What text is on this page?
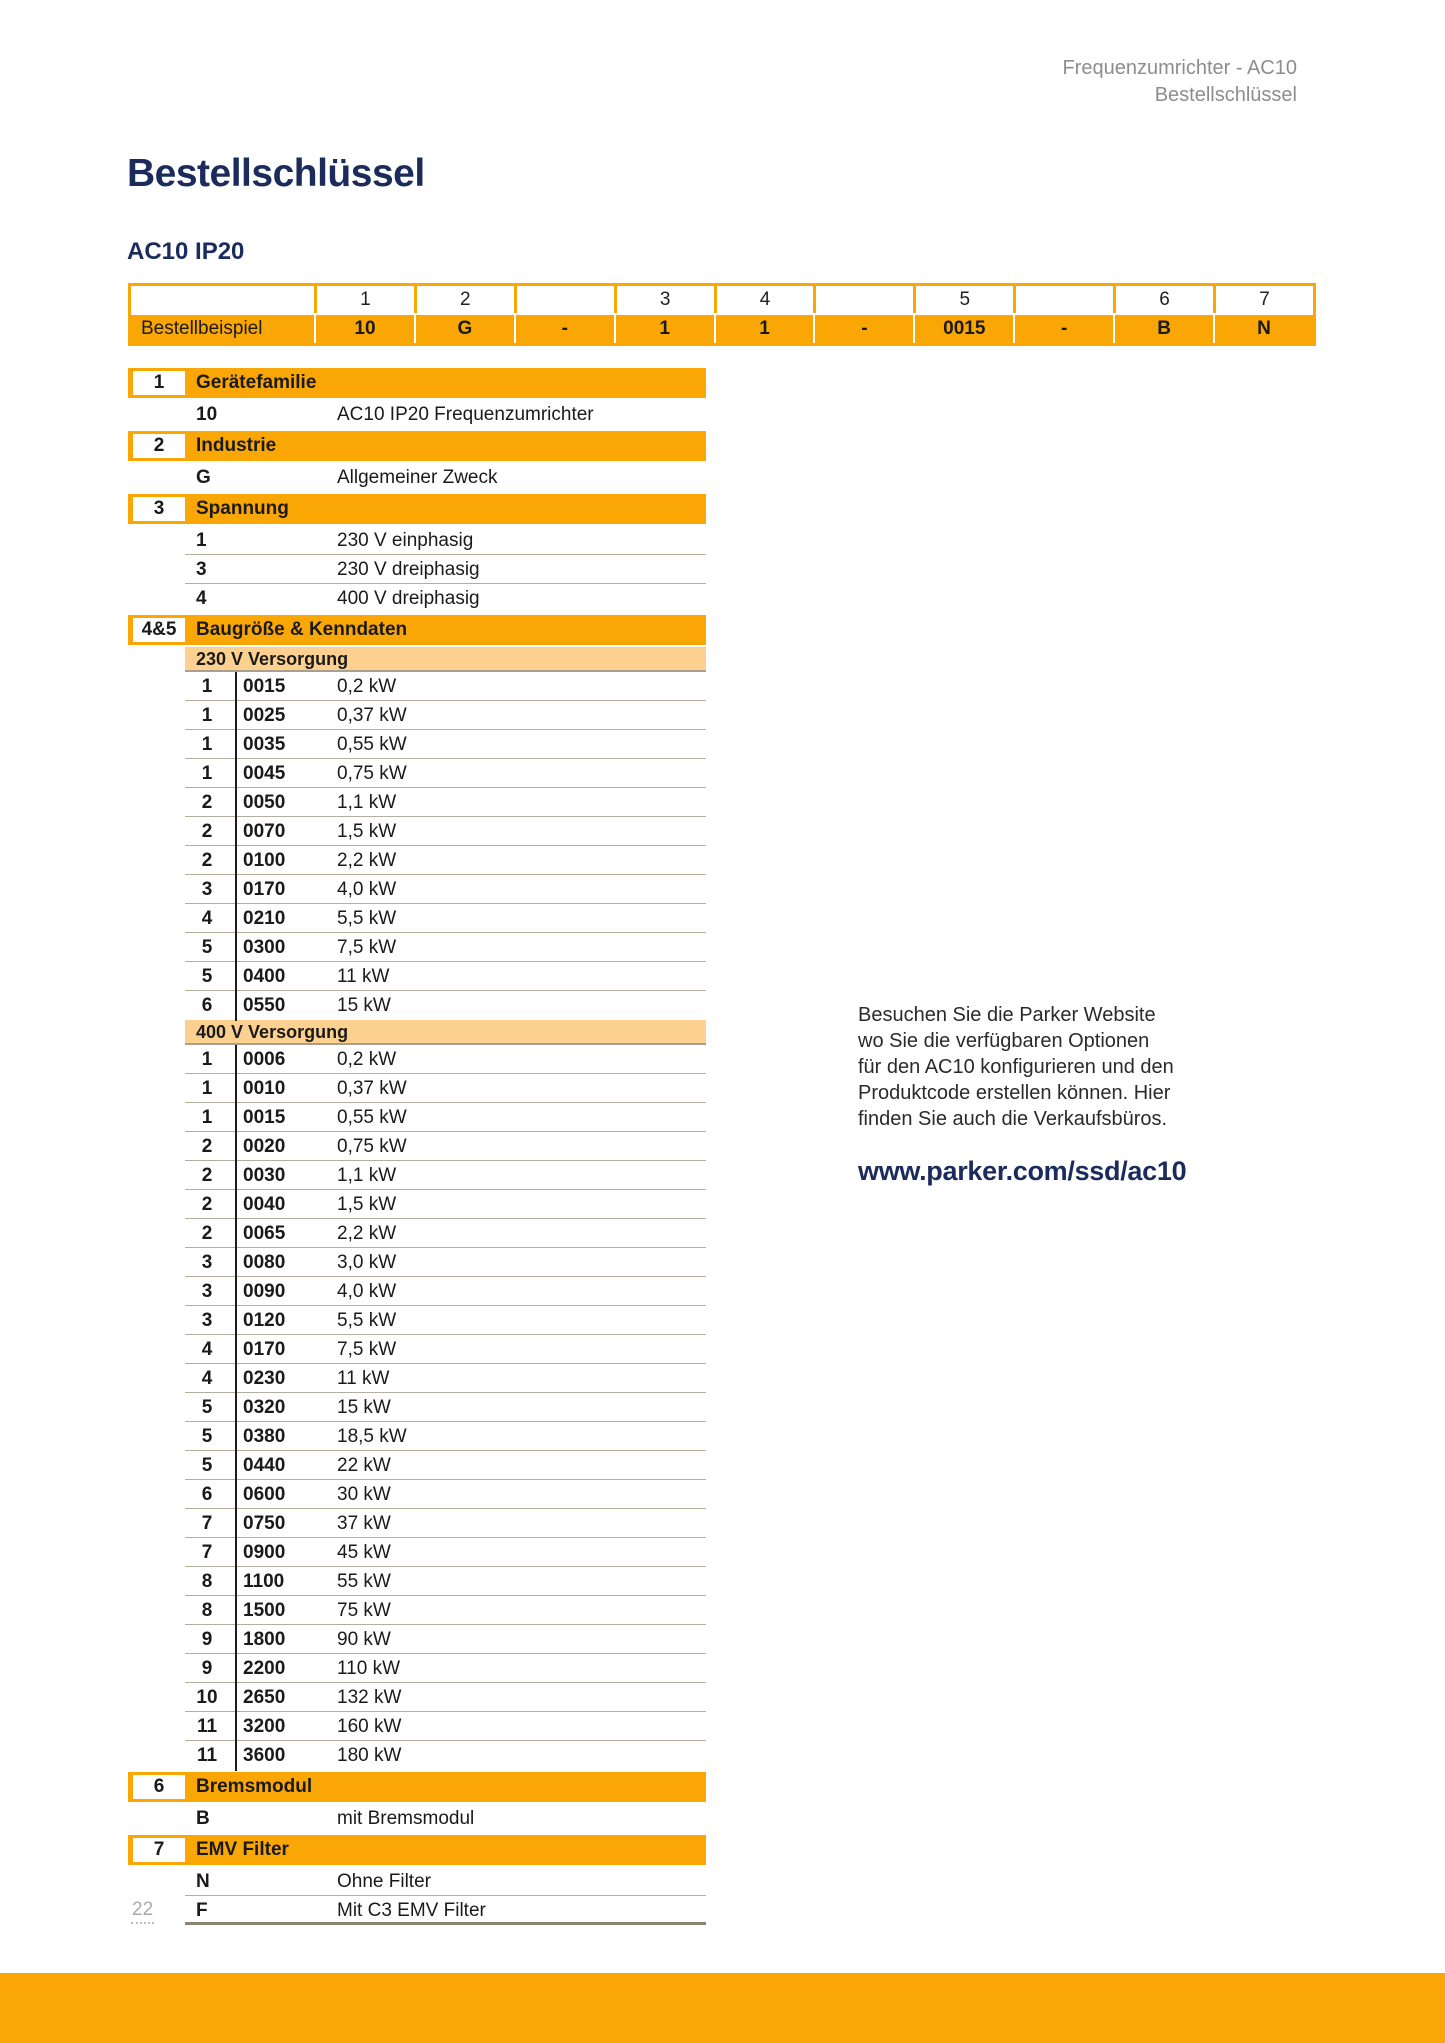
Frequenzumrichter - AC10
Bestellschlüssel
Bestellschlüssel
AC10 IP20
	1	2		3	4		5		6	7
Bestellbeispiel	10	G	-	1	1	-	0015	-	B	N
1	Gerätefamilie
10	AC10 IP20 Frequenzumrichter
2	Industrie
G	Allgemeiner Zweck
3	Spannung
1	230 V einphasig
3	230 V dreiphasig
4	400 V dreiphasig
4&5	Baugröße & Kenndaten
230 V Versorgung
1	0015	0,2 kW
1	0025	0,37 kW
1	0035	0,55 kW
1	0045	0,75 kW
2	0050	1,1 kW
2	0070	1,5 kW
2	0100	2,2 kW
3	0170	4,0 kW
4	0210	5,5 kW
5	0300	7,5 kW
5	0400	11 kW
6	0550	15 kW
400 V Versorgung
1	0006	0,2 kW
1	0010	0,37 kW
1	0015	0,55 kW
2	0020	0,75 kW
2	0030	1,1 kW
2	0040	1,5 kW
2	0065	2,2 kW
3	0080	3,0 kW
3	0090	4,0 kW
3	0120	5,5 kW
4	0170	7,5 kW
4	0230	11 kW
5	0320	15 kW
5	0380	18,5 kW
5	0440	22 kW
6	0600	30 kW
7	0750	37 kW
7	0900	45 kW
8	1100	55 kW
8	1500	75 kW
9	1800	90 kW
9	2200	110 kW
10	2650	132 kW
11	3200	160 kW
11	3600	180 kW
6	Bremsmodul
B	mit Bremsmodul
7	EMV Filter
N	Ohne Filter
F	Mit C3 EMV Filter
Besuchen Sie die Parker Website
wo Sie die verfügbaren Optionen
für den AC10 konfigurieren und den
Produktcode erstellen können. Hier
finden Sie auch die Verkaufsbüros.
www.parker.com/ssd/ac10
22
